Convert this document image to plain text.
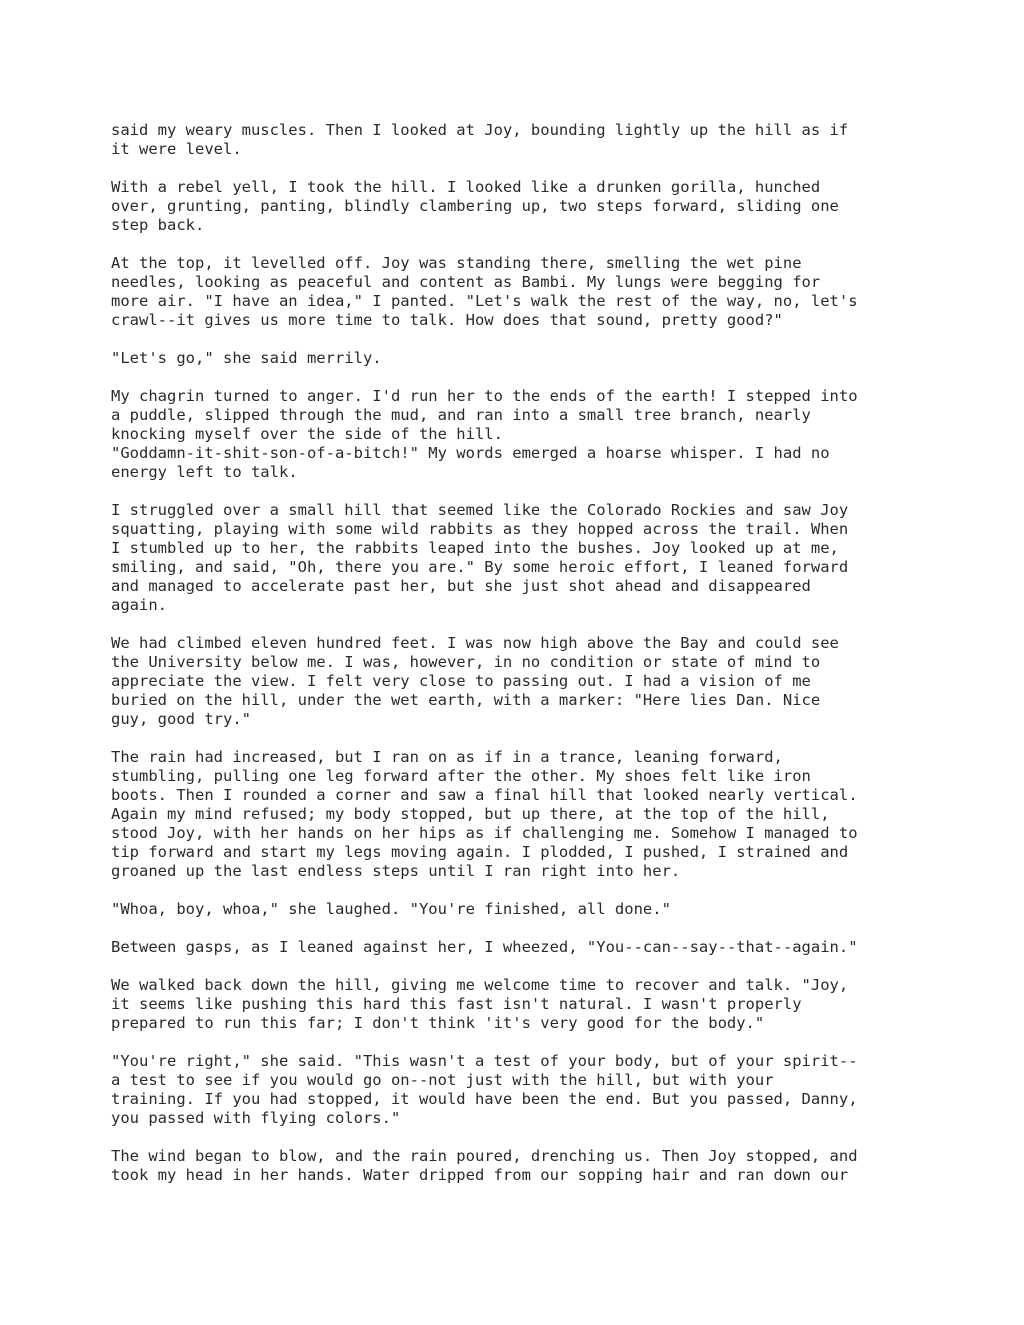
said my weary muscles. Then I looked at Joy, bounding lightly up the hill as if
it were level.

With a rebel yell, I took the hill. I looked like a drunken gorilla, hunched
over, grunting, panting, blindly clambering up, two steps forward, sliding one
step back.

At the top, it levelled off. Joy was standing there, smelling the wet pine
needles, looking as peaceful and content as Bambi. My lungs were begging for
more air. "I have an idea," I panted. "Let's walk the rest of the way, no, let's
crawl--it gives us more time to talk. How does that sound, pretty good?"

"Let's go," she said merrily.

My chagrin turned to anger. I'd run her to the ends of the earth! I stepped into
a puddle, slipped through the mud, and ran into a small tree branch, nearly
knocking myself over the side of the hill.

"Goddamn-it-shit-son-of-a-bitch!" My words emerged a hoarse whisper. I had no
energy left to talk.

I struggled over a small hill that seemed like the Colorado Rockies and saw Joy
squatting, playing with some wild rabbits as they hopped across the trail. When
I stumbled up to her, the rabbits leaped into the bushes. Joy looked up at me,
smiling, and said, "Oh, there you are." By some heroic effort, I leaned forward
and managed to accelerate past her, but she just shot ahead and disappeared
again.

We had climbed eleven hundred feet. I was now high above the Bay and could see
the University below me. I was, however, in no condition or state of mind to
appreciate the view. I felt very close to passing out. I had a vision of me
buried on the hill, under the wet earth, with a marker: "Here lies Dan. Nice
guy, good try."

The rain had increased, but I ran on as if in a trance, leaning forward,
stumbling, pulling one leg forward after the other. My shoes felt like iron
boots. Then I rounded a corner and saw a final hill that looked nearly vertical.
Again my mind refused; my body stopped, but up there, at the top of the hill,
stood Joy, with her hands on her hips as if challenging me. Somehow I managed to
tip forward and start my legs moving again. I plodded, I pushed, I strained and
groaned up the last endless steps until I ran right into her.

"Whoa, boy, whoa," she laughed. "You're finished, all done."

Between gasps, as I leaned against her, I wheezed, "You--can--say--that--again."

We walked back down the hill, giving me welcome time to recover and talk. "Joy,
it seems like pushing this hard this fast isn't natural. I wasn't properly
prepared to run this far; I don't think 'it's very good for the body."

"You're right," she said. "This wasn't a test of your body, but of your spirit--
a test to see if you would go on--not just with the hill, but with your
training. If you had stopped, it would have been the end. But you passed, Danny,
you passed with flying colors."

The wind began to blow, and the rain poured, drenching us. Then Joy stopped, and
took my head in her hands. Water dripped from our sopping hair and ran down our
